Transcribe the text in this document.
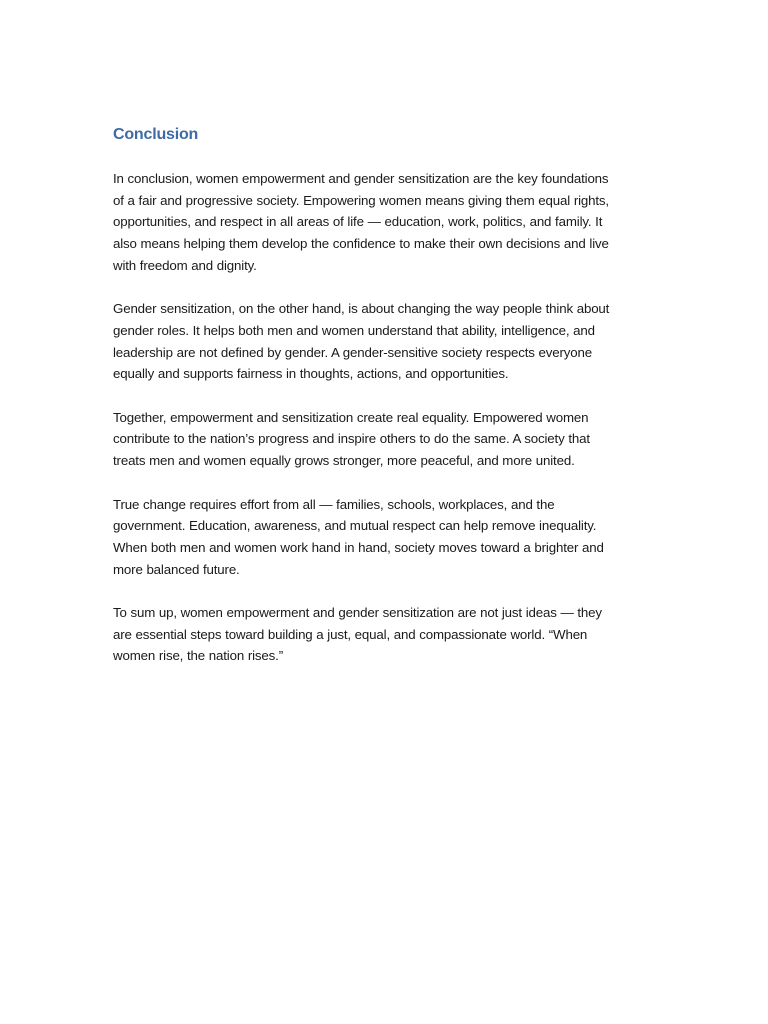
Conclusion

In conclusion, women empowerment and gender sensitization are the key foundations
of a fair and progressive society. Empowering women means giving them equal rights,
opportunities, and respect in all areas of life — education, work, politics, and family. It
also means helping them develop the confidence to make their own decisions and live
with freedom and dignity.

Gender sensitization, on the other hand, is about changing the way people think about
gender roles. It helps both men and women understand that ability, intelligence, and
leadership are not defined by gender. A gender-sensitive society respects everyone
equally and supports fairness in thoughts, actions, and opportunities.

Together, empowerment and sensitization create real equality. Empowered women
contribute to the nation’s progress and inspire others to do the same. A society that
treats men and women equally grows stronger, more peaceful, and more united.

True change requires effort from all — families, schools, workplaces, and the
government. Education, awareness, and mutual respect can help remove inequality.
When both men and women work hand in hand, society moves toward a brighter and
more balanced future.

To sum up, women empowerment and gender sensitization are not just ideas — they
are essential steps toward building a just, equal, and compassionate world. “When
women rise, the nation rises.”
